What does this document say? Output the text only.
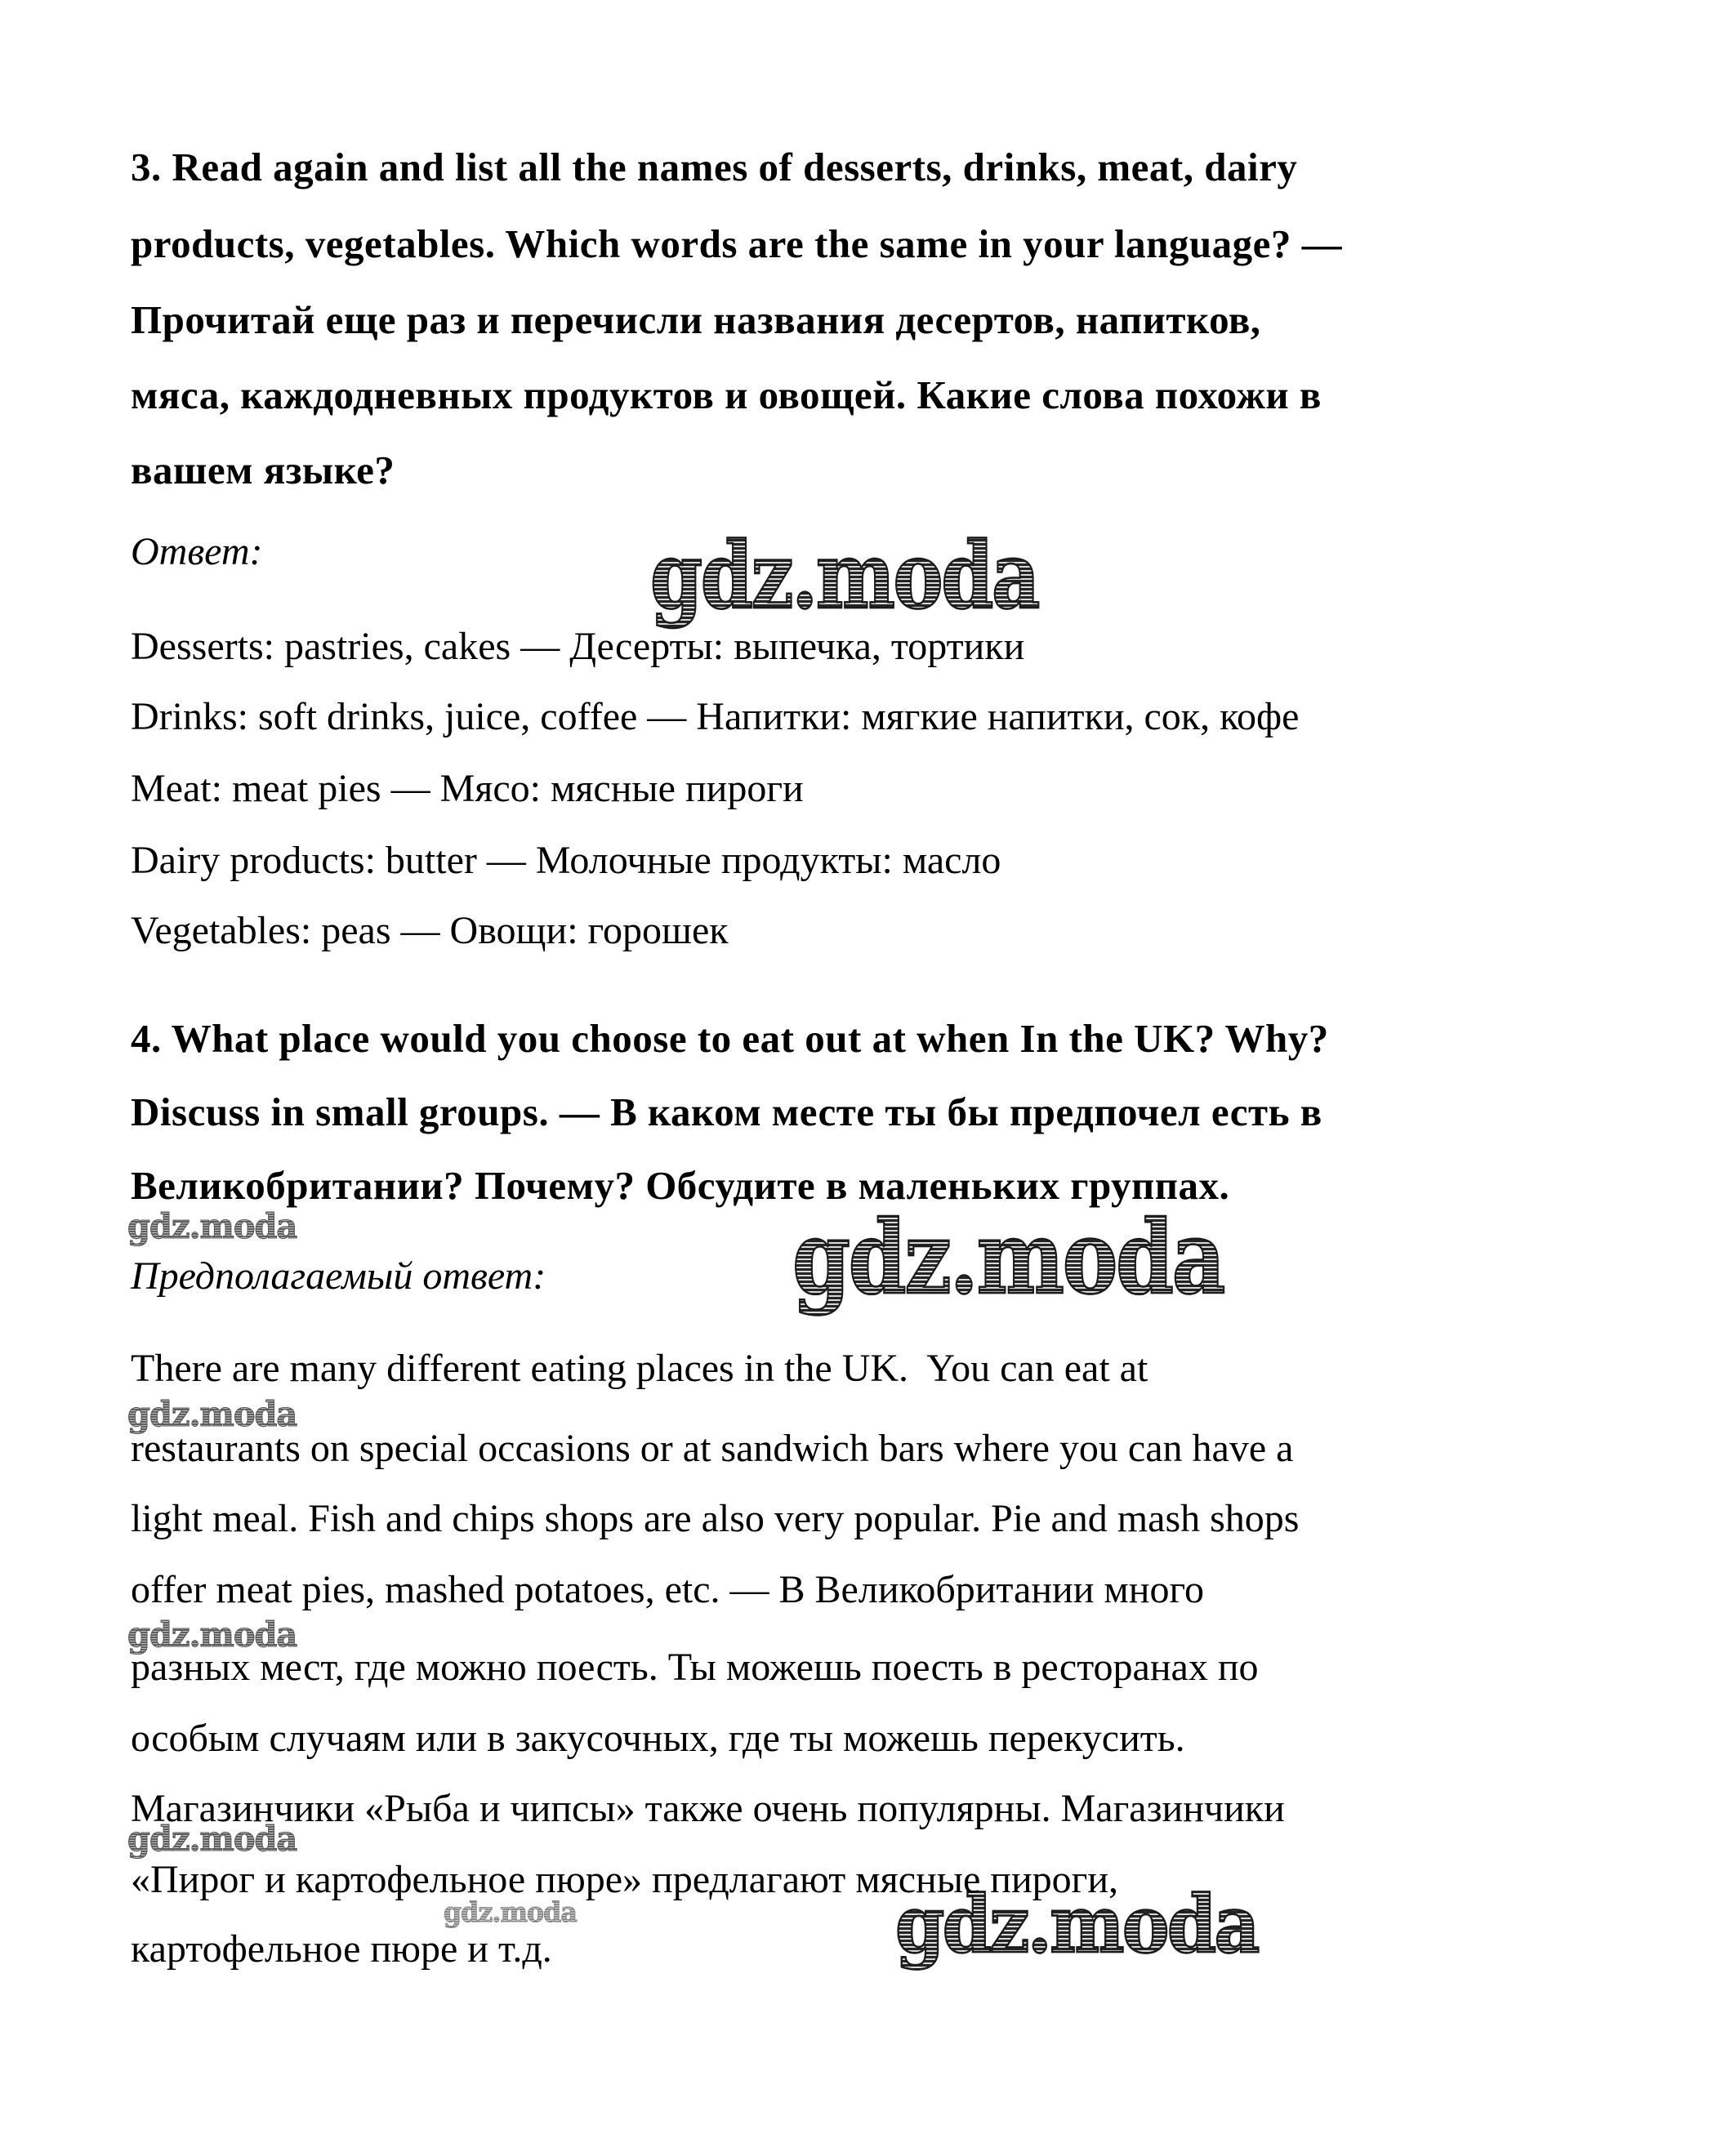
3. Read again and list all the names of desserts, drinks, meat, dairy
products, vegetables. Which words are the same in your language? —
Прочитай еще раз и перечисли названия десертов, напитков,
мяса, каждодневных продуктов и овощей. Какие слова похожи в
вашем языке?
Ответ:	gdz.moda
Desserts: pastries, cakes — Десерты: выпечка, тортики
Drinks: soft drinks, juice, coffee — Напитки: мягкие напитки, сок, кофе
Meat: meat pies — Мясо: мясные пироги
Dairy products: butter — Молочные продукты: масло
Vegetables: peas — Овощи: горошек
4. What place would you choose to eat out at when In the UK? Why?
Discuss in small groups. — В каком месте ты бы предпочел есть в
Великобритании? Почему? Обсудите в маленьких группах.
gdz.moda
Предполагаемый ответ: gdz.moda
There are many different eating places in the UK.  You can eat at
gdz.moda
restaurants on special occasions or at sandwich bars where you can have a
light meal. Fish and chips shops are also very popular. Pie and mash shops
offer meat pies, mashed potatoes, etc. — В Великобритании много
gdz.moda
разных мест, где можно поесть. Ты можешь поесть в ресторанах по
особым случаям или в закусочных, где ты можешь перекусить.
Магазинчики «Рыба и чипсы» также очень популярны. Магазинчики
gdz.moda
«Пирог и картофельное пюре» предлагают мясные пироги,
gdz.moda
картофельное пюре и т.д.	gdz.moda
